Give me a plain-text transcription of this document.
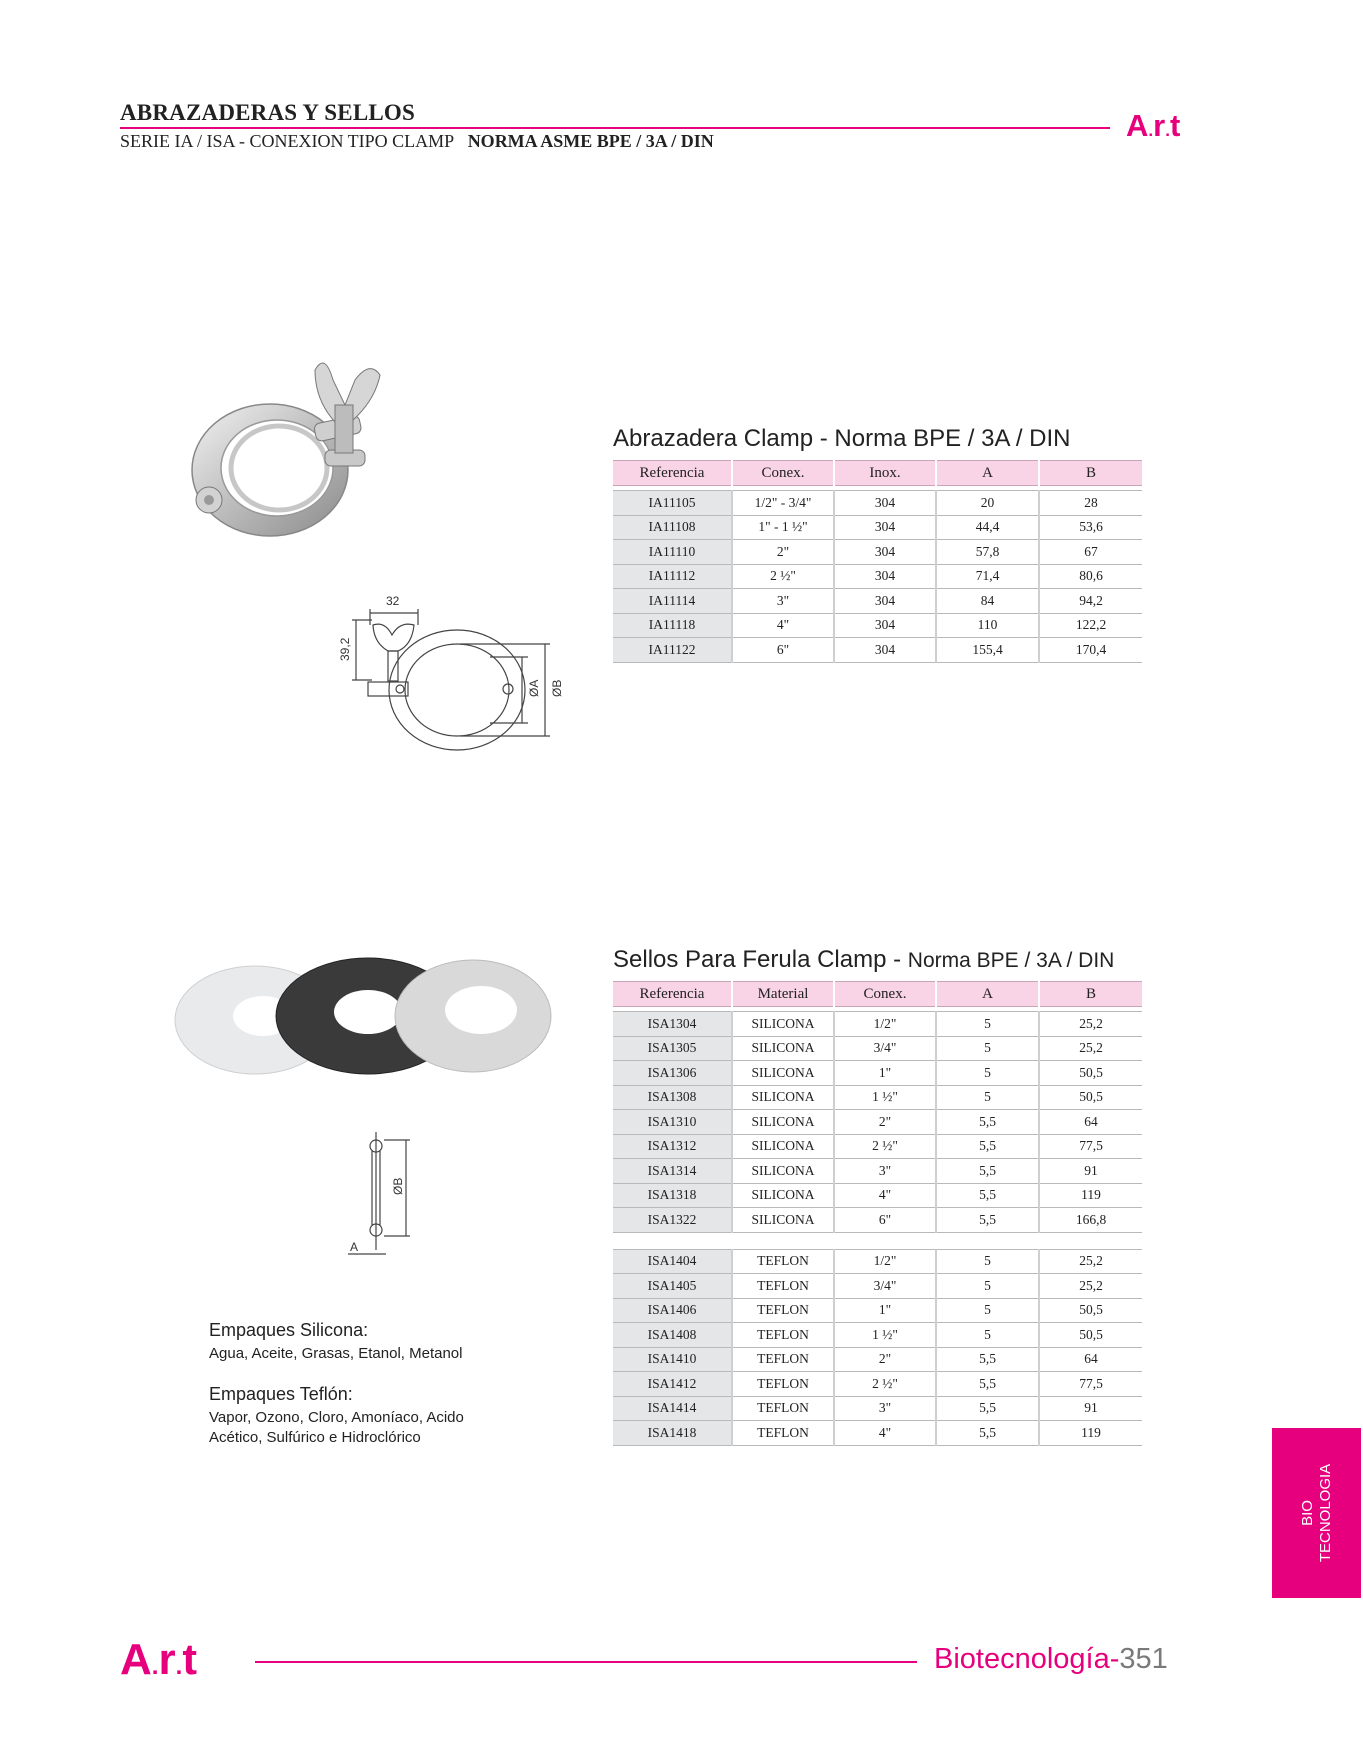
ABRAZADERAS Y SELLOS
SERIE IA / ISA - CONEXION TIPO CLAMP NORMA ASME BPE / 3A / DIN	A.r.t
32
39,2
ØA ØB
Abrazadera Clamp - Norma BPE / 3A / DIN
Referencia	Conex.	Inox.	A	B

IA11105	1/2" - 3/4"	304	20	28
IA11108	1" - 1 ½"	304	44,4	53,6
IA11110	2"	304	57,8	67
IA11112	2 ½"	304	71,4	80,6
IA11114	3"	304	84	94,2
IA11118	4"	304	110	122,2
IA11122	6"	304	155,4	170,4
ØB
A
Sellos Para Ferula Clamp - Norma BPE / 3A / DIN
Referencia	Material	Conex.	A	B

ISA1304	SILICONA	1/2"	5	25,2
ISA1305	SILICONA	3/4"	5	25,2
ISA1306	SILICONA	1"	5	50,5
ISA1308	SILICONA	1 ½"	5	50,5
ISA1310	SILICONA	2"	5,5	64
ISA1312	SILICONA	2 ½"	5,5	77,5
ISA1314	SILICONA	3"	5,5	91
ISA1318	SILICONA	4"	5,5	119
ISA1322	SILICONA	6"	5,5	166,8

ISA1404	TEFLON	1/2"	5	25,2
ISA1405	TEFLON	3/4"	5	25,2
ISA1406	TEFLON	1"	5	50,5
ISA1408	TEFLON	1 ½"	5	50,5
ISA1410	TEFLON	2"	5,5	64
ISA1412	TEFLON	2 ½"	5,5	77,5
ISA1414	TEFLON	3"	5,5	91
ISA1418	TEFLON	4"	5,5	119
Empaques Silicona:
Agua, Aceite, Grasas, Etanol, Metanol
Empaques Teflón:
Vapor, Ozono, Cloro, Amoníaco, Acido
Acético, Sulfúrico e Hidroclórico
BIO TECNOLOGIA
A.r.t	Biotecnología-351
